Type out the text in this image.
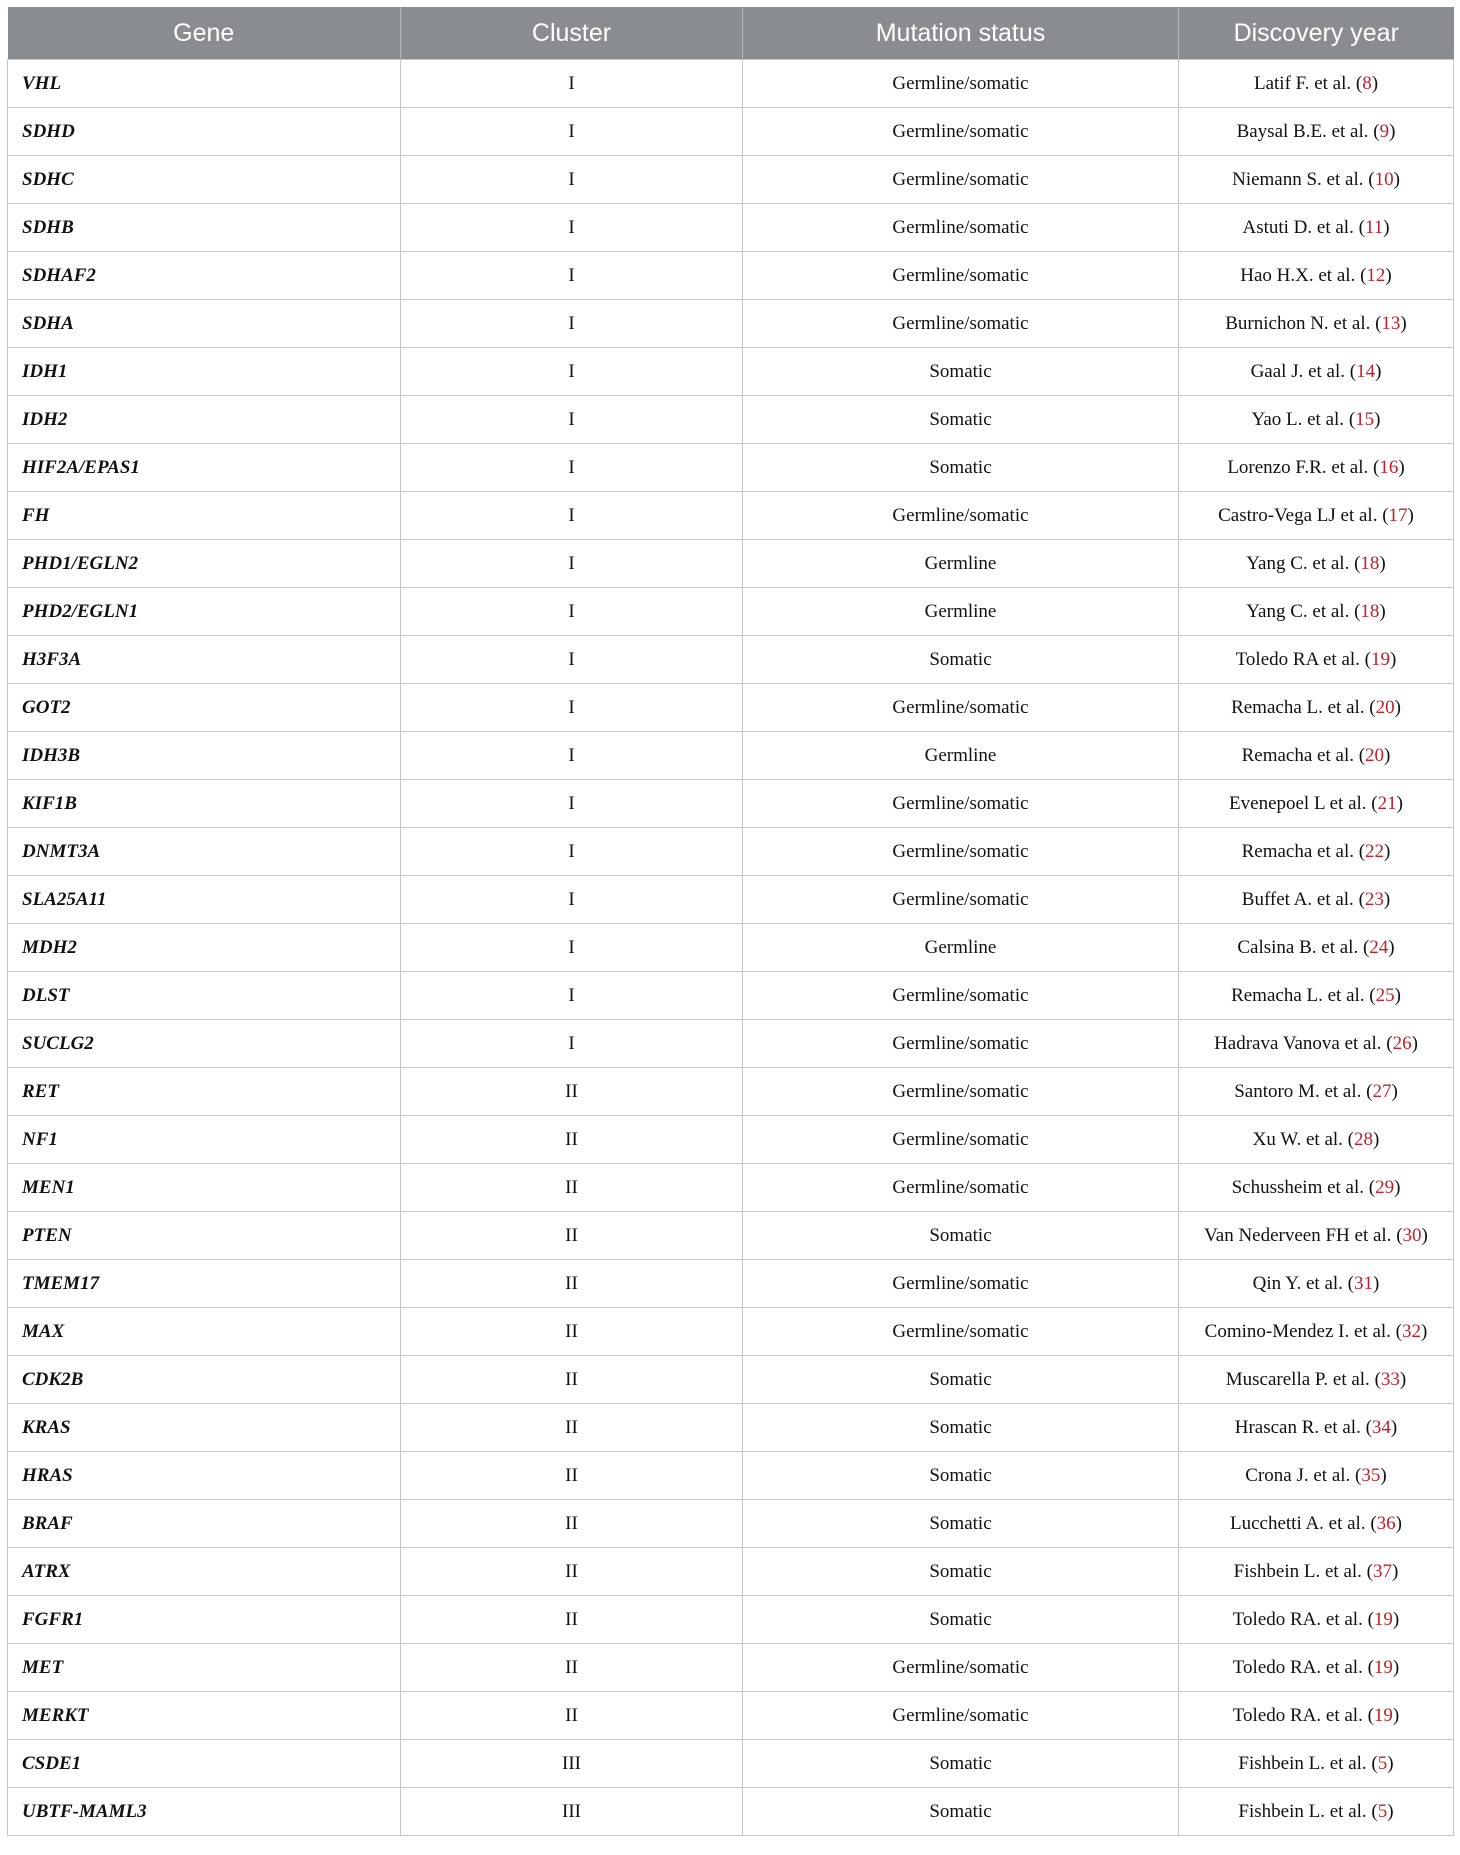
Gene	Cluster	Mutation status	Discovery year
VHL	I	Germline/somatic	Latif F. et al. (8)
SDHD	I	Germline/somatic	Baysal B.E. et al. (9)
SDHC	I	Germline/somatic	Niemann S. et al. (10)
SDHB	I	Germline/somatic	Astuti D. et al. (11)
SDHAF2	I	Germline/somatic	Hao H.X. et al. (12)
SDHA	I	Germline/somatic	Burnichon N. et al. (13)
IDH1	I	Somatic	Gaal J. et al. (14)
IDH2	I	Somatic	Yao L. et al. (15)
HIF2A/EPAS1	I	Somatic	Lorenzo F.R. et al. (16)
FH	I	Germline/somatic	Castro-Vega LJ et al. (17)
PHD1/EGLN2	I	Germline	Yang C. et al. (18)
PHD2/EGLN1	I	Germline	Yang C. et al. (18)
H3F3A	I	Somatic	Toledo RA et al. (19)
GOT2	I	Germline/somatic	Remacha L. et al. (20)
IDH3B	I	Germline	Remacha et al. (20)
KIF1B	I	Germline/somatic	Evenepoel L et al. (21)
DNMT3A	I	Germline/somatic	Remacha et al. (22)
SLA25A11	I	Germline/somatic	Buffet A. et al. (23)
MDH2	I	Germline	Calsina B. et al. (24)
DLST	I	Germline/somatic	Remacha L. et al. (25)
SUCLG2	I	Germline/somatic	Hadrava Vanova et al. (26)
RET	II	Germline/somatic	Santoro M. et al. (27)
NF1	II	Germline/somatic	Xu W. et al. (28)
MEN1	II	Germline/somatic	Schussheim et al. (29)
PTEN	II	Somatic	Van Nederveen FH et al. (30)
TMEM17	II	Germline/somatic	Qin Y. et al. (31)
MAX	II	Germline/somatic	Comino-Mendez I. et al. (32)
CDK2B	II	Somatic	Muscarella P. et al. (33)
KRAS	II	Somatic	Hrascan R. et al. (34)
HRAS	II	Somatic	Crona J. et al. (35)
BRAF	II	Somatic	Lucchetti A. et al. (36)
ATRX	II	Somatic	Fishbein L. et al. (37)
FGFR1	II	Somatic	Toledo RA. et al. (19)
MET	II	Germline/somatic	Toledo RA. et al. (19)
MERKT	II	Germline/somatic	Toledo RA. et al. (19)
CSDE1	III	Somatic	Fishbein L. et al. (5)
UBTF-MAML3	III	Somatic	Fishbein L. et al. (5)
